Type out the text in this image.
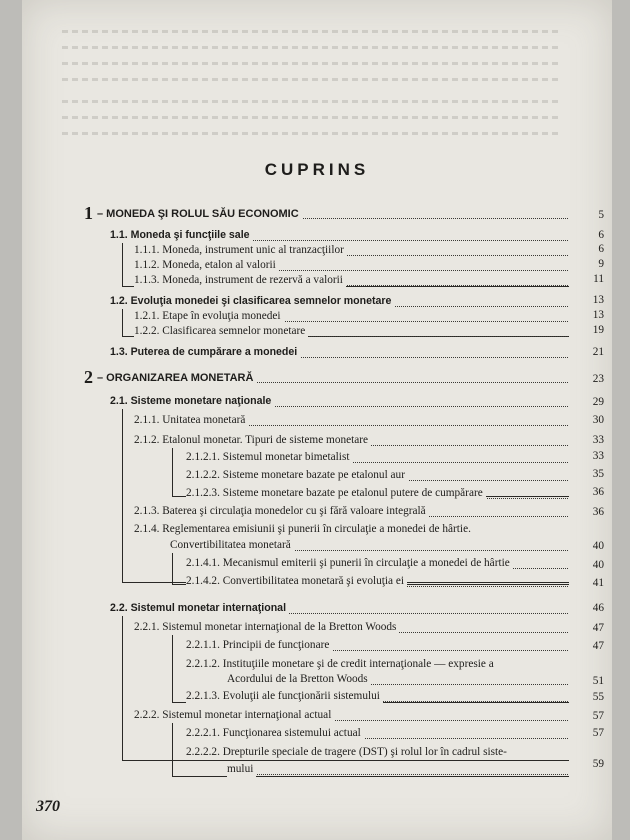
CUPRINS
1 – MONEDA ŞI ROLUL SĂU ECONOMIC	5
1.1. Moneda şi funcţiile sale	6
1.1.1. Moneda, instrument unic al tranzacţiilor	6
1.1.2. Moneda, etalon al valorii	9
1.1.3. Moneda, instrument de rezervă a valorii	11
1.2. Evoluţia monedei şi clasificarea semnelor monetare	13
1.2.1. Etape în evoluţia monedei	13
1.2.2. Clasificarea semnelor monetare	19
1.3. Puterea de cumpărare a monedei	21
2 – ORGANIZAREA MONETARĂ	23
2.1. Sisteme monetare naţionale	29
2.1.1. Unitatea monetară	30
2.1.2. Etalonul monetar. Tipuri de sisteme monetare	33
2.1.2.1. Sistemul monetar bimetalist	33
2.1.2.2. Sisteme monetare bazate pe etalonul aur	35
2.1.2.3. Sisteme monetare bazate pe etalonul putere de cumpărare	36
2.1.3. Baterea şi circulaţia monedelor cu şi fără valoare integrală	36
2.1.4. Reglementarea emisiunii şi punerii în circulaţie a monedei de hârtie.
Convertibilitatea monetară	40
2.1.4.1. Mecanismul emiterii şi punerii în circulaţie a monedei de hârtie	40
2.1.4.2. Convertibilitatea monetară şi evoluţia ei	41
2.2. Sistemul monetar internaţional	46
2.2.1. Sistemul monetar internaţional de la Bretton Woods	47
2.2.1.1. Principii de funcţionare	47
2.2.1.2. Instituţiile monetare şi de credit internaţionale — expresie a
Acordului de la Bretton Woods	51
2.2.1.3. Evoluţii ale funcţionării sistemului	55
2.2.2. Sistemul monetar internaţional actual	57
2.2.2.1. Funcţionarea sistemului actual	57
2.2.2.2. Drepturile speciale de tragere (DST) şi rolul lor în cadrul siste-
mului	59
370
